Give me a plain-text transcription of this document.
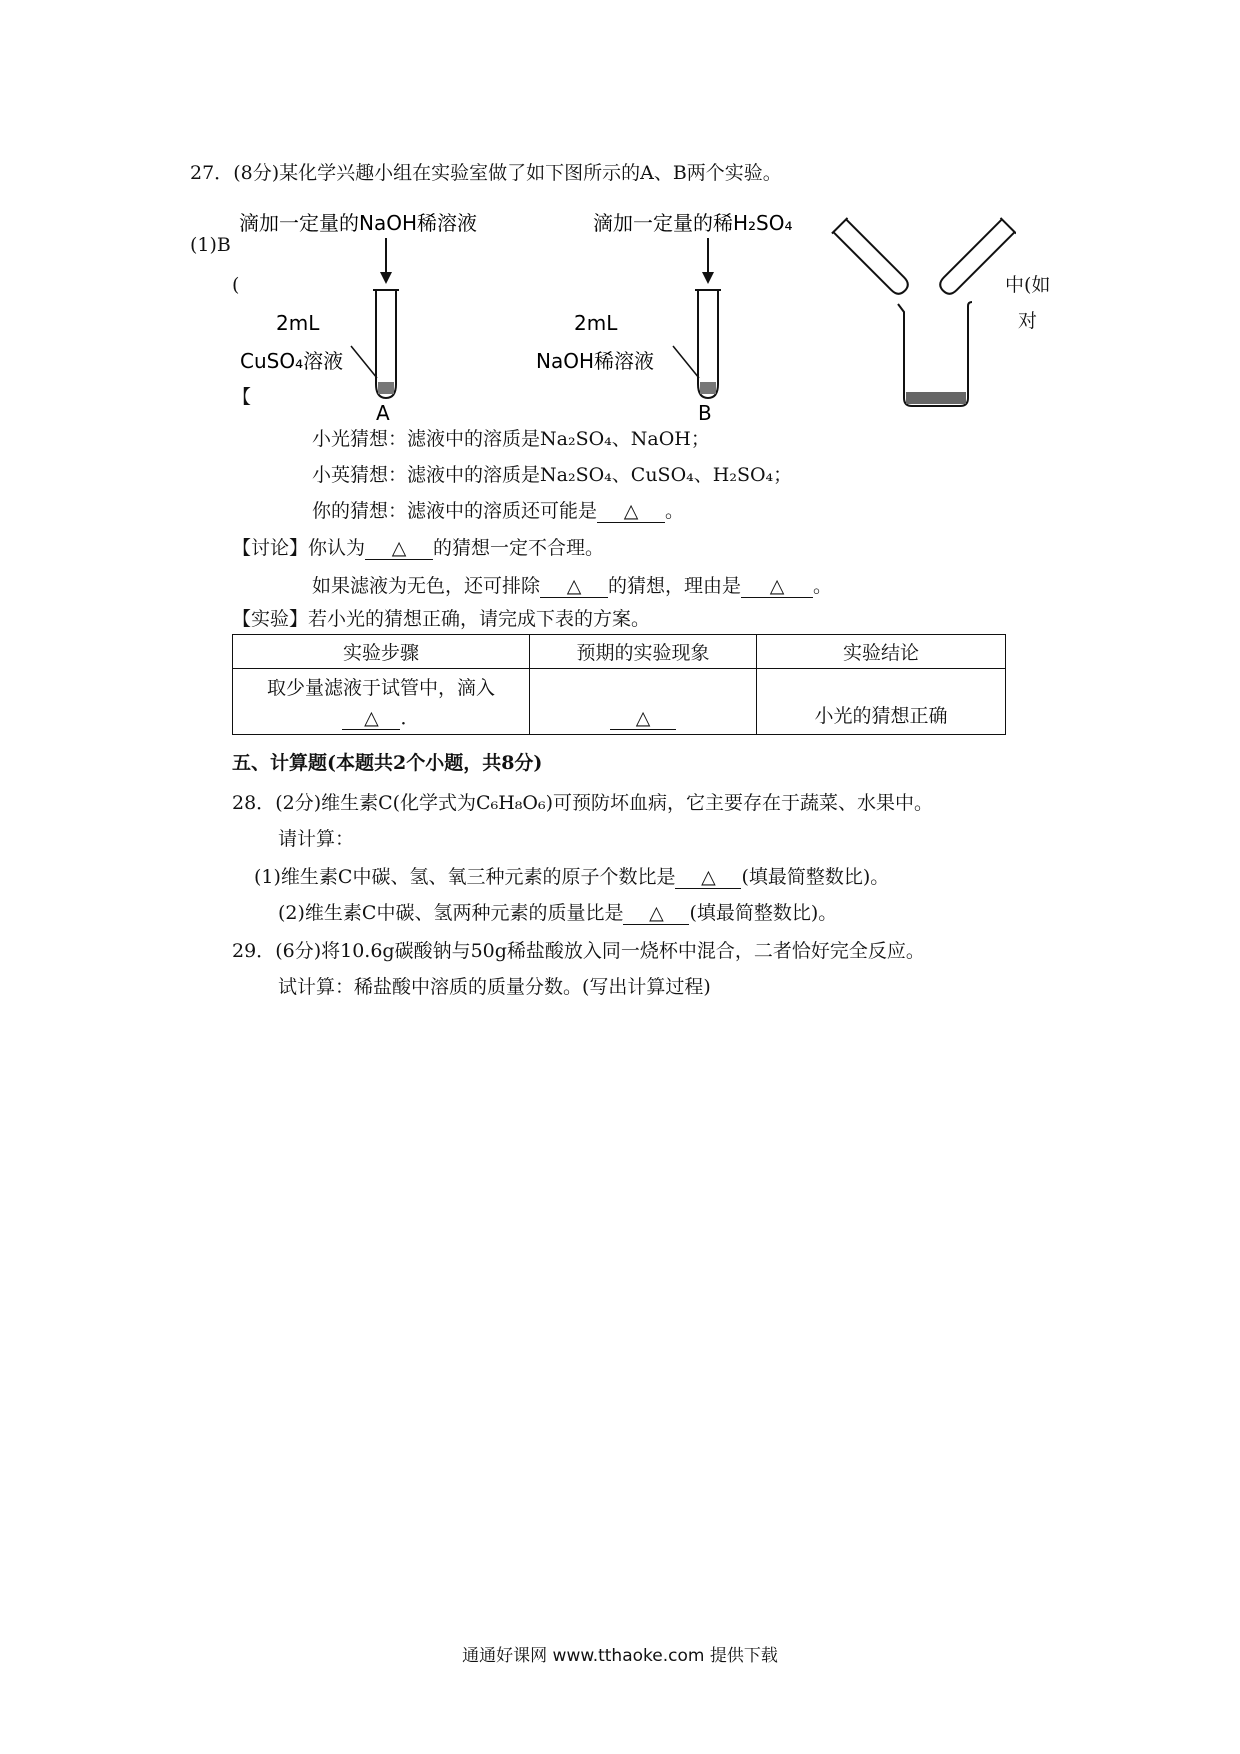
27．(8分)某化学兴趣小组在实验室做了如下图所示的A、B两个实验。
(1)B
(	中(如
对
【
滴加一定量的NaOH稀溶液
2mL
CuSO₄溶液
A
滴加一定量的稀H₂SO₄
2mL
NaOH稀溶液
B
小光猜想：滤液中的溶质是Na₂SO₄、NaOH；
小英猜想：滤液中的溶质是Na₂SO₄、CuSO₄、H₂SO₄；
你的猜想：滤液中的溶质还可能是 △ 。
【讨论】你认为 △ 的猜想一定不合理。
如果滤液为无色，还可排除 △ 的猜想，理由是 △ 。
【实验】若小光的猜想正确，请完成下表的方案。
实验步骤	预期的实验现象	实验结论

取少量滤液于试管中，滴入
△ ．	△	小光的猜想正确
五、计算题(本题共2个小题，共8分)
28．(2分)维生素C(化学式为C₆H₈O₆)可预防坏血病，它主要存在于蔬菜、水果中。
请计算：
(1)维生素C中碳、氢、氧三种元素的原子个数比是 △ (填最简整数比)。
(2)维生素C中碳、氢两种元素的质量比是 △ (填最简整数比)。
29．(6分)将10.6g碳酸钠与50g稀盐酸放入同一烧杯中混合，二者恰好完全反应。
试计算：稀盐酸中溶质的质量分数。(写出计算过程)
通通好课网 www.tthaoke.com 提供下载
